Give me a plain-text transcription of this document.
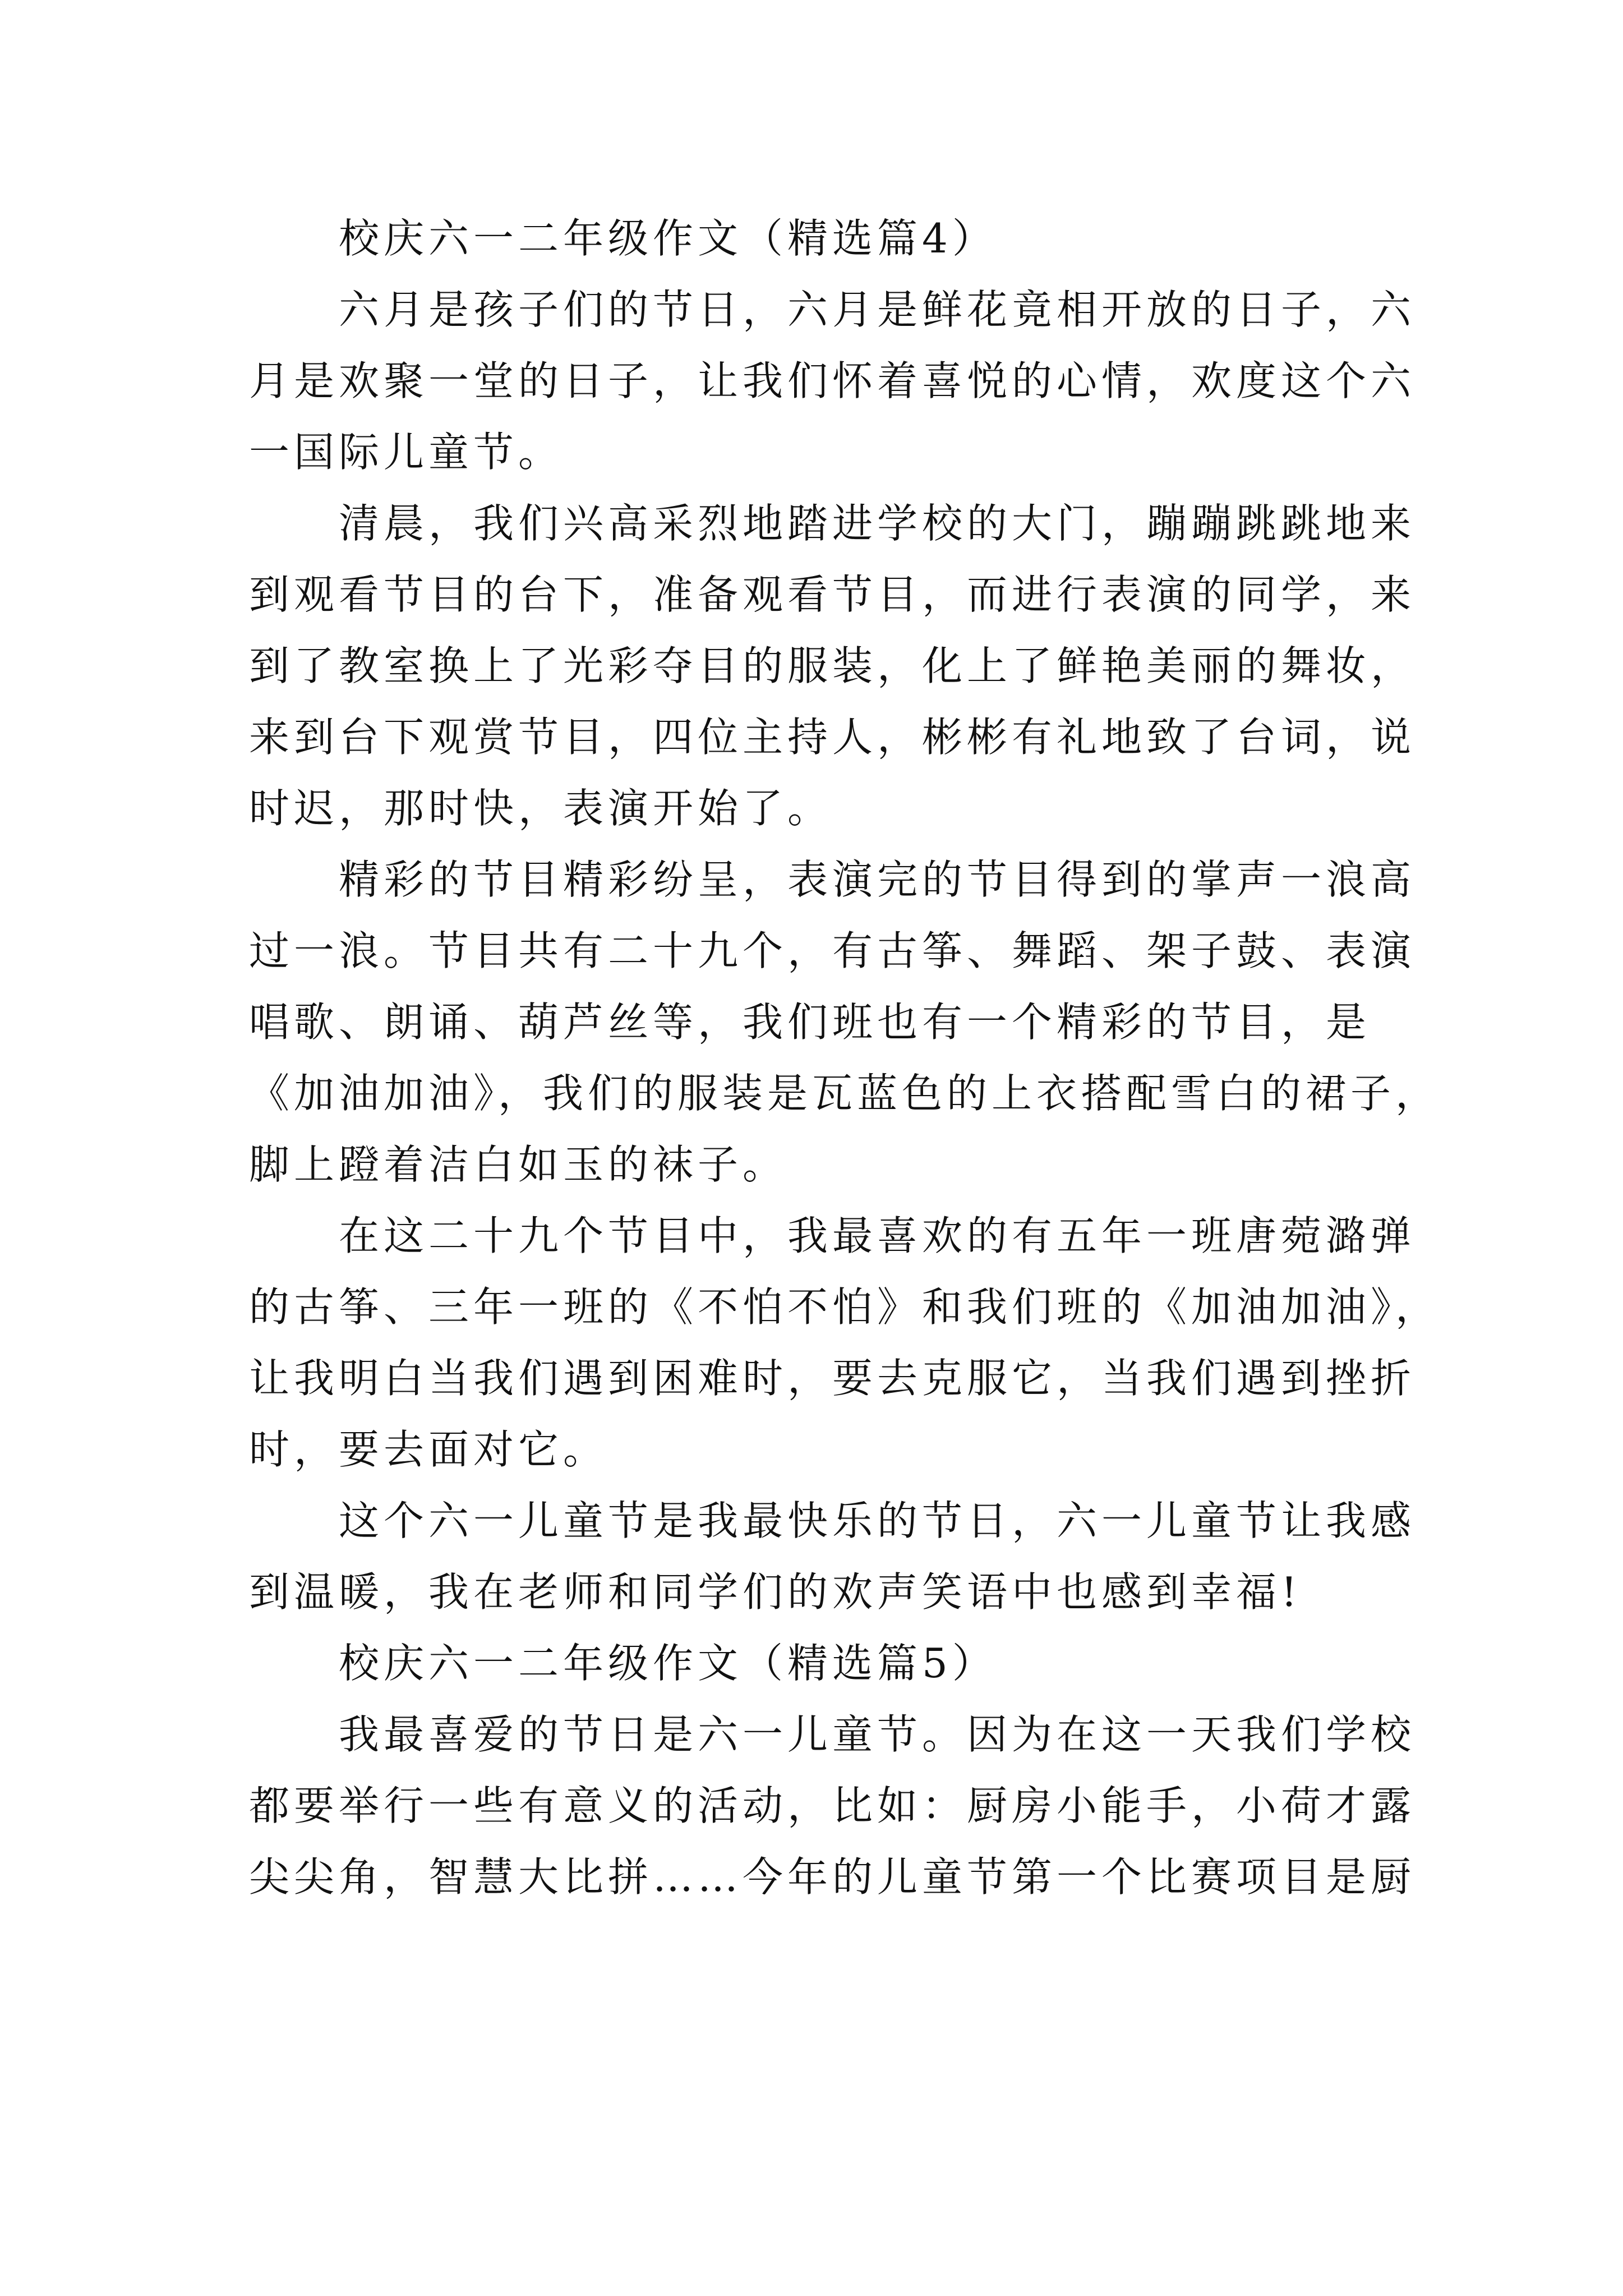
校庆六一二年级作文（精选篇4）
六月是孩子们的节日，六月是鲜花竟相开放的日子，六
月是欢聚一堂的日子，让我们怀着喜悦的心情，欢度这个六
一国际儿童节。
清晨，我们兴高采烈地踏进学校的大门，蹦蹦跳跳地来
到观看节目的台下，准备观看节目，而进行表演的同学，来
到了教室换上了光彩夺目的服装，化上了鲜艳美丽的舞妆，
来到台下观赏节目，四位主持人，彬彬有礼地致了台词，说
时迟，那时快，表演开始了。
精彩的节目精彩纷呈，表演完的节目得到的掌声一浪高
过一浪。节目共有二十九个，有古筝、舞蹈、架子鼓、表演
唱歌、朗诵、葫芦丝等，我们班也有一个精彩的节目，是
《加油加油》，我们的服装是瓦蓝色的上衣搭配雪白的裙子，
脚上蹬着洁白如玉的袜子。
在这二十九个节目中，我最喜欢的有五年一班唐菀潞弹
的古筝、三年一班的《不怕不怕》和我们班的《加油加油》，
让我明白当我们遇到困难时，要去克服它，当我们遇到挫折
时，要去面对它。
这个六一儿童节是我最快乐的节日，六一儿童节让我感
到温暖，我在老师和同学们的欢声笑语中也感到幸福!
校庆六一二年级作文（精选篇5）
我最喜爱的节日是六一儿童节。因为在这一天我们学校
都要举行一些有意义的活动，比如：厨房小能手，小荷才露
尖尖角，智慧大比拼……今年的儿童节第一个比赛项目是厨
